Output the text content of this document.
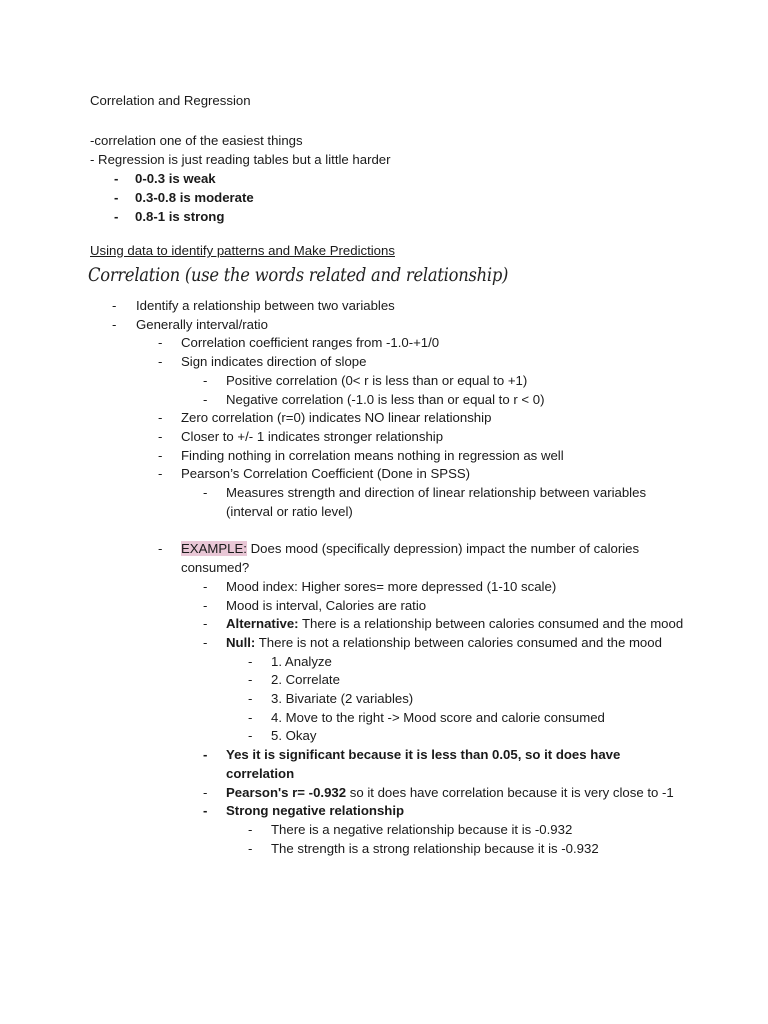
Correlation and Regression

-correlation one of the easiest things

- Regression is just reading tables but a little harder

- 0-0.3 is weak
- 0.3-0.8 is moderate
- 0.8-1 is strong
Using data to identify patterns and Make Predictions
Correlation (use the words related and relationship)
- Identify a relationship between two variables
- Generally interval/ratio
- Correlation coefficient ranges from -1.0-+1/0
- Sign indicates direction of slope
- Positive correlation (0< r is less than or equal to +1)
- Negative correlation (-1.0 is less than or equal to r < 0)
- Zero correlation (r=0) indicates NO linear relationship
- Closer to +/- 1 indicates stronger relationship
- Finding nothing in correlation means nothing in regression as well
- Pearson’s Correlation Coefficient (Done in SPSS)
- Measures strength and direction of linear relationship between variables (interval or ratio level)
- EXAMPLE: Does mood (specifically depression) impact the number of calories consumed?
- Mood index: Higher sores= more depressed (1-10 scale)
- Mood is interval, Calories are ratio
- Alternative: There is a relationship between calories consumed and the mood
- Null: There is not a relationship between calories consumed and the mood
- 1. Analyze
- 2. Correlate
- 3. Bivariate (2 variables)
- 4. Move to the right -> Mood score and calorie consumed
- 5. Okay
- Yes it is significant because it is less than 0.05, so it does have correlation
- Pearson's r= -0.932 so it does have correlation because it is very close to -1
- Strong negative relationship
- There is a negative relationship because it is -0.932
- The strength is a strong relationship because it is -0.932
